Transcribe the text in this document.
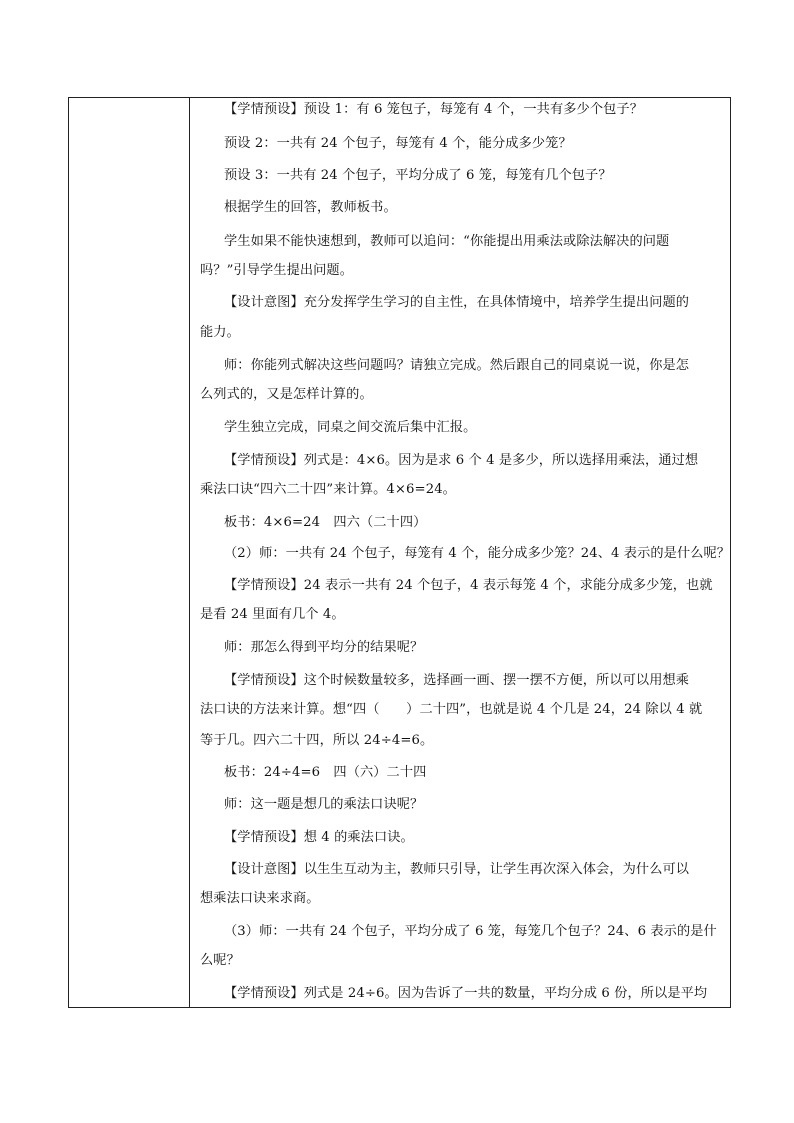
【学情预设】预设 1：有 6 笼包子，每笼有 4 个，一共有多少个包子？
预设 2：一共有 24 个包子，每笼有 4 个，能分成多少笼？
预设 3：一共有 24 个包子，平均分成了 6 笼，每笼有几个包子？
根据学生的回答，教师板书。
学生如果不能快速想到，教师可以追问：“你能提出用乘法或除法解决的问题
吗？”引导学生提出问题。
【设计意图】充分发挥学生学习的自主性，在具体情境中，培养学生提出问题的
能力。
师：你能列式解决这些问题吗？请独立完成。然后跟自己的同桌说一说，你是怎
么列式的，又是怎样计算的。
学生独立完成，同桌之间交流后集中汇报。
【学情预设】列式是：4×6。因为是求 6 个 4 是多少，所以选择用乘法，通过想
乘法口诀“四六二十四”来计算。4×6=24。
板书：4×6=24　四六（二十四）
（2）师：一共有 24 个包子，每笼有 4 个，能分成多少笼？24、4 表示的是什么呢？
【学情预设】24 表示一共有 24 个包子，4 表示每笼 4 个，求能分成多少笼，也就
是看 24 里面有几个 4。
师：那怎么得到平均分的结果呢？
【学情预设】这个时候数量较多，选择画一画、摆一摆不方便，所以可以用想乘
法口诀的方法来计算。想“四（　　）二十四”，也就是说 4 个几是 24，24 除以 4 就
等于几。四六二十四，所以 24÷4=6。
板书：24÷4=6　四（六）二十四
师：这一题是想几的乘法口诀呢？
【学情预设】想 4 的乘法口诀。
【设计意图】以生生互动为主，教师只引导，让学生再次深入体会，为什么可以
想乘法口诀来求商。
（3）师：一共有 24 个包子，平均分成了 6 笼，每笼几个包子？24、6 表示的是什
么呢？
【学情预设】列式是 24÷6。因为告诉了一共的数量，平均分成 6 份，所以是平均
